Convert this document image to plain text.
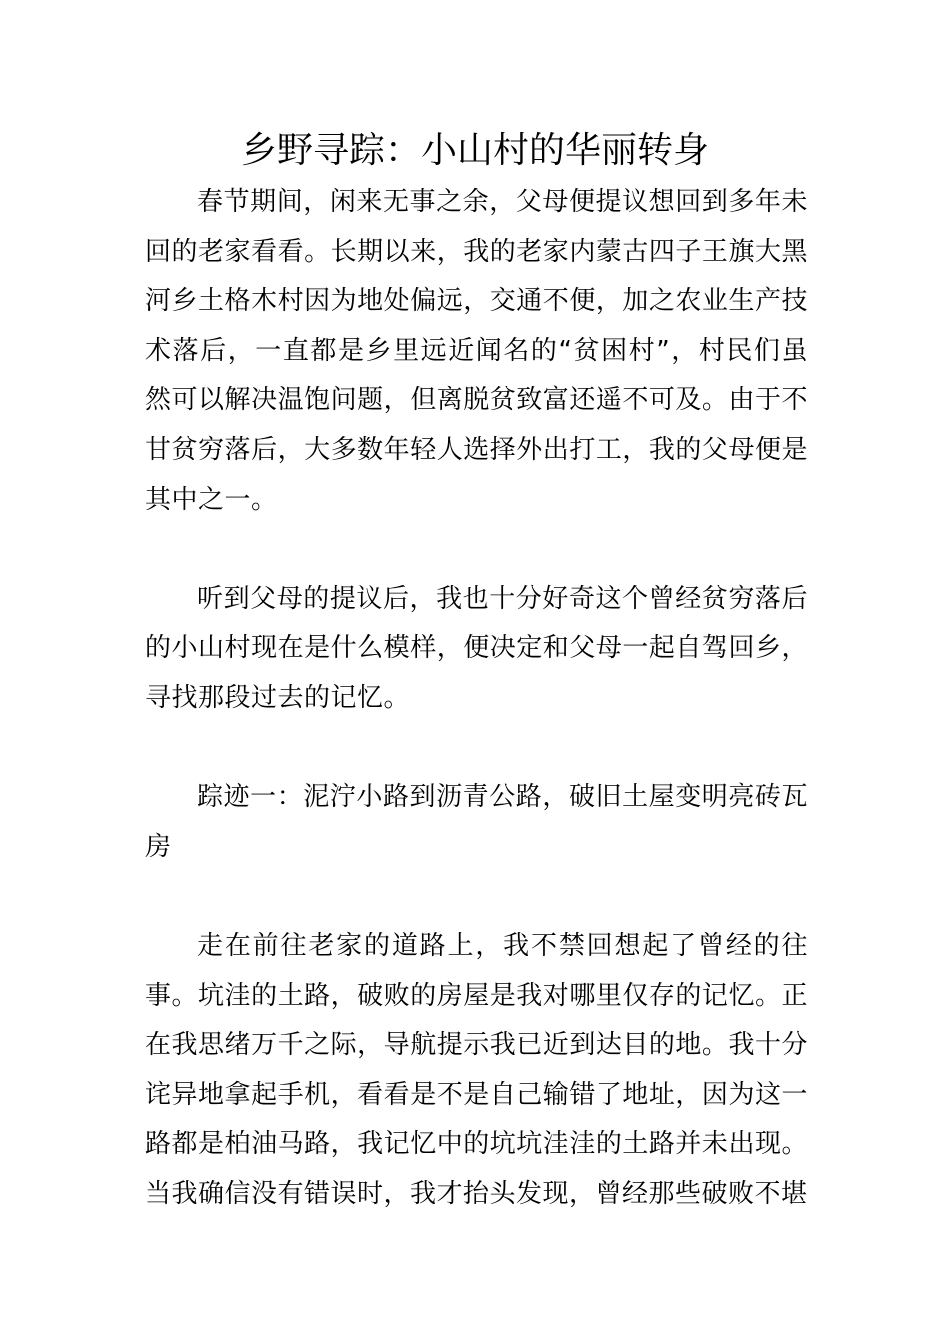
乡野寻踪：小山村的华丽转身

春节期间，闲来无事之余，父母便提议想回到多年未回的老家看看。长期以来，我的老家内蒙古四子王旗大黑河乡土格木村因为地处偏远，交通不便，加之农业生产技术落后，一直都是乡里远近闻名的“贫困村”，村民们虽然可以解决温饱问题，但离脱贫致富还遥不可及。由于不甘贫穷落后，大多数年轻人选择外出打工，我的父母便是其中之一。

听到父母的提议后，我也十分好奇这个曾经贫穷落后的小山村现在是什么模样，便决定和父母一起自驾回乡，寻找那段过去的记忆。

踪迹一：泥泞小路到沥青公路，破旧土屋变明亮砖瓦房

走在前往老家的道路上，我不禁回想起了曾经的往事。坑洼的土路，破败的房屋是我对哪里仅存的记忆。正在我思绪万千之际，导航提示我已近到达目的地。我十分诧异地拿起手机，看看是不是自己输错了地址，因为这一路都是柏油马路，我记忆中的坑坑洼洼的土路并未出现。当我确信没有错误时，我才抬头发现，曾经那些破败不堪
